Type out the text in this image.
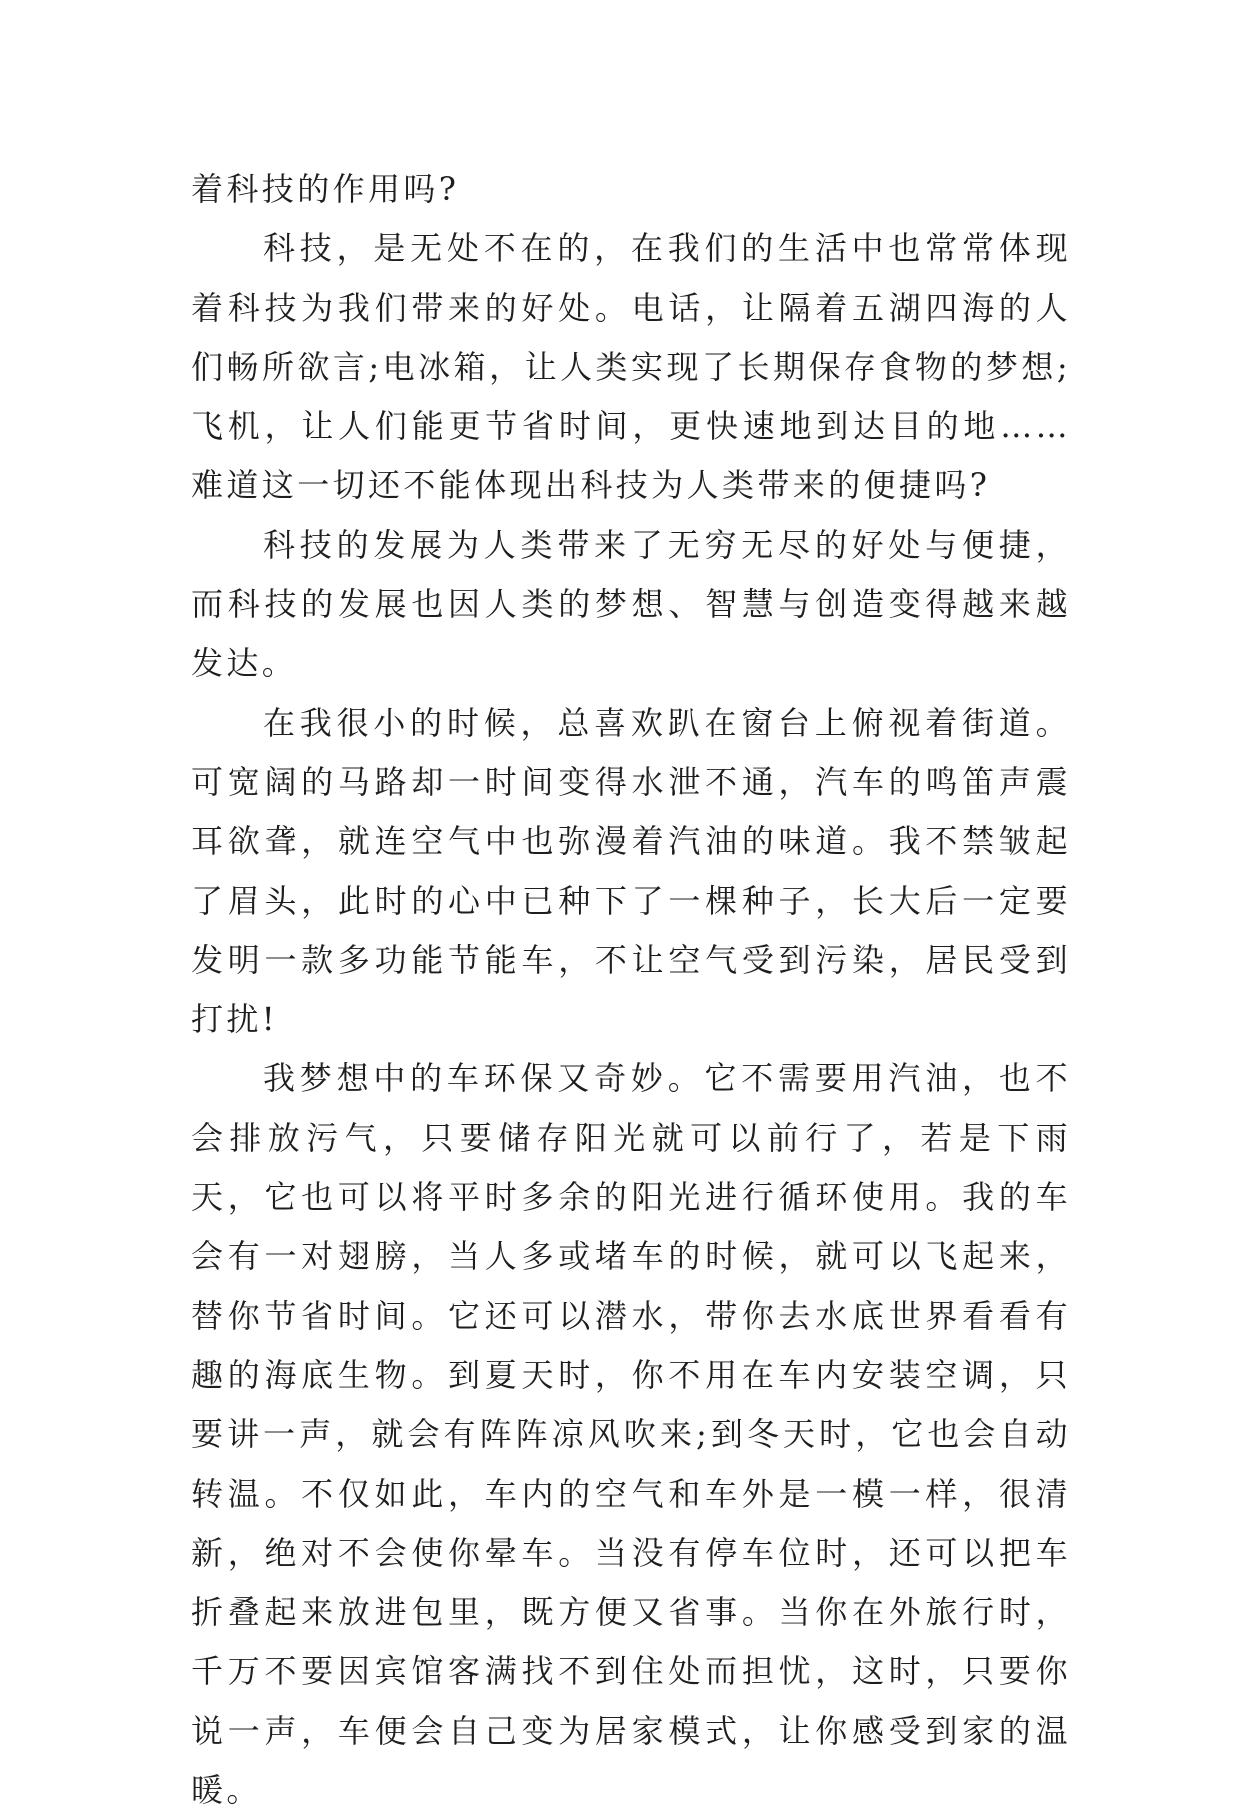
着科技的作用吗?

科技，是无处不在的，在我们的生活中也常常体现着科技为我们带来的好处。电话，让隔着五湖四海的人们畅所欲言;电冰箱，让人类实现了长期保存食物的梦想;飞机，让人们能更节省时间，更快速地到达目的地……难道这一切还不能体现出科技为人类带来的便捷吗?

科技的发展为人类带来了无穷无尽的好处与便捷，而科技的发展也因人类的梦想、智慧与创造变得越来越发达。

在我很小的时候，总喜欢趴在窗台上俯视着街道。可宽阔的马路却一时间变得水泄不通，汽车的鸣笛声震耳欲聋，就连空气中也弥漫着汽油的味道。我不禁皱起了眉头，此时的心中已种下了一棵种子，长大后一定要发明一款多功能节能车，不让空气受到污染，居民受到打扰!

我梦想中的车环保又奇妙。它不需要用汽油，也不会排放污气，只要储存阳光就可以前行了，若是下雨天，它也可以将平时多余的阳光进行循环使用。我的车会有一对翅膀，当人多或堵车的时候，就可以飞起来，替你节省时间。它还可以潜水，带你去水底世界看看有趣的海底生物。到夏天时，你不用在车内安装空调，只要讲一声，就会有阵阵凉风吹来;到冬天时，它也会自动转温。不仅如此，车内的空气和车外是一模一样，很清新，绝对不会使你晕车。当没有停车位时，还可以把车折叠起来放进包里，既方便又省事。当你在外旅行时，千万不要因宾馆客满找不到住处而担忧，这时，只要你说一声，车便会自己变为居家模式，让你感受到家的温暖。
